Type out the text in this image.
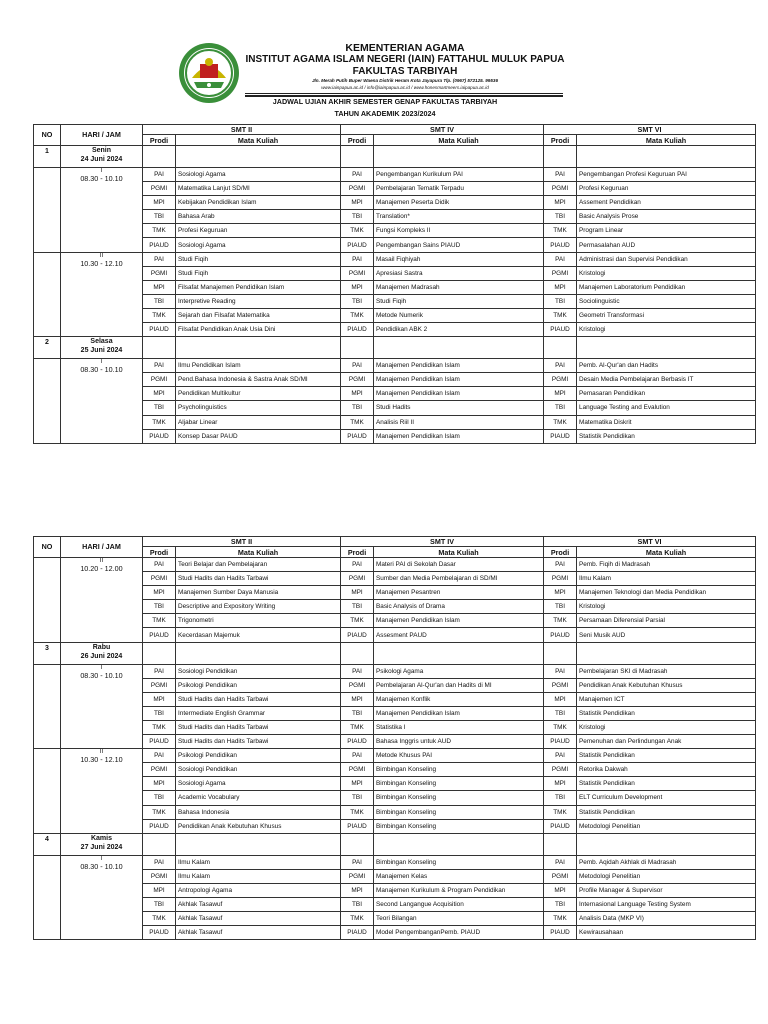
KEMENTERIAN AGAMA
INSTITUT AGAMA ISLAM NEGERI (IAIN) FATTAHUL MULUK PAPUA
FAKULTAS TARBIYAH
Jln. Merah Putih Buper Waena Distrik Heram Kota Jayapura Tlp. (0967) 572125. 99536
www.iainpapua.ac.id / info@iainpapua.ac.id / www.honesmartmeers.iaipapua.ac.id
JADWAL UJIAN AKHIR SEMESTER GENAP FAKULTAS TARBIYAH
TAHUN AKADEMIK 2023/2024
NO	HARI / JAM	SMT II		SMT IV		SMT VI	
		Prodi	Mata Kuliah	Prodi	Mata Kuliah	Prodi	Mata Kuliah
1	Senin
24 Juni 2024						

	I
08.30 - 10.10	PAI	Sosiologi Agama	PAI	Pengembangan Kurikulum PAI	PAI	Pengembangan Profesi Keguruan PAI
		PGMI	Matematika Lanjut SD/MI	PGMI	Pembelajaran Tematik Terpadu	PGMI	Profesi Keguruan
		MPI	Kebijakan Pendidikan Islam	MPI	Manajemen Peserta Didik	MPI	Assement Pendidikan
		TBI	Bahasa Arab	TBI	Translation*	TBI	Basic Analysis Prose
		TMK	Profesi Keguruan	TMK	Fungsi Kompleks II	TMK	Program Linear
		PIAUD	Sosiologi Agama	PIAUD	Pengembangan Sains PIAUD	PIAUD	Permasalahan AUD

	II
10.30 - 12.10	PAI	Studi Fiqih	PAI	Masail Fiqhiyah	PAI	Administrasi dan Supervisi Pendidikan
		PGMI	Studi Fiqih	PGMI	Apresiasi Sastra	PGMI	Kristologi
		MPI	Filsafat Manajemen Pendidikan Islam	MPI	Manajemen Madrasah	MPI	Manajemen Laboratorium Pendidikan
		TBI	Interpretive Reading	TBI	Studi Fiqih	TBI	Sociolinguistic
		TMK	Sejarah dan Filsafat Matematika	TMK	Metode Numerik	TMK	Geometri Transformasi
		PIAUD	Filsafat Pendidikan Anak Usia Dini	PIAUD	Pendidikan ABK 2	PIAUD	Kristologi
2	Selasa
25 Juni 2024						

	I
08.30 - 10.10	PAI	Ilmu Pendidikan Islam	PAI	Manajemen Pendidikan Islam	PAI	Pemb. Al-Qur'an dan Hadits
		PGMI	Pend.Bahasa Indonesia & Sastra Anak SD/MI	PGMI	Manajemen Pendidikan Islam	PGMI	Desain Media Pembelajaran Berbasis IT
		MPI	Pendidikan Multikultur	MPI	Manajemen Pendidikan Islam	MPI	Pemasaran Pendidikan
		TBI	Psycholinguistics	TBI	Studi Hadits	TBI	Language Testing and Evalution
		TMK	Aljabar Linear	TMK	Analisis Riil II	TMK	Matematika Diskrit
		PIAUD	Konsep Dasar PAUD	PIAUD	Manajemen Pendidikan Islam	PIAUD	Statistik Pendidikan
NO	HARI / JAM	SMT II		SMT IV		SMT VI	
		Prodi	Mata Kuliah	Prodi	Mata Kuliah	Prodi	Mata Kuliah

	II
10.20 - 12.00	PAI	Teori Belajar dan Pembelajaran	PAI	Materi PAI di Sekolah Dasar	PAI	Pemb. Fiqih di Madrasah
		PGMI	Studi Hadits dan Hadits Tarbawi	PGMI	Sumber dan Media Pembelajaran di SD/MI	PGMI	Ilmu Kalam
		MPI	Manajemen Sumber Daya Manusia	MPI	Manajemen Pesantren	MPI	Manajemen Teknologi dan Media Pendidikan
		TBI	Descriptive and Expository Writing	TBI	Basic Analysis of Drama	TBI	Kristologi
		TMK	Trigonometri	TMK	Manajemen Pendidikan Islam	TMK	Persamaan Diferensial Parsial
		PIAUD	Kecerdasan Majemuk	PIAUD	Assesment PAUD	PIAUD	Seni Musik AUD
3	Rabu
26 Juni 2024						

	I
08.30 - 10.10	PAI	Sosiologi Pendidikan	PAI	Psikologi Agama	PAI	Pembelajaran SKI di Madrasah
		PGMI	Psikologi Pendidikan	PGMI	Pembelajaran Al-Qur'an dan Hadits di MI	PGMI	Pendidikan Anak Kebutuhan Khusus
		MPI	Studi Hadits dan Hadits Tarbawi	MPI	Manajemen Konflik	MPI	Manajemen ICT
		TBI	Intermediate English Grammar	TBI	Manajemen Pendidikan Islam	TBI	Statistik Pendidikan
		TMK	Studi Hadits dan Hadits Tarbawi	TMK	Statistika I	TMK	Kristologi
		PIAUD	Studi Hadits dan Hadits Tarbawi	PIAUD	Bahasa Inggris untuk AUD	PIAUD	Pemenuhan dan Perlindungan Anak

	II
10.30 - 12.10	PAI	Psikologi Pendidikan	PAI	Metode Khusus PAI	PAI	Statistik Pendidikan
		PGMI	Sosiologi Pendidikan	PGMI	Bimbingan Konseling	PGMI	Retorika Dakwah
		MPI	Sosiologi Agama	MPI	Bimbingan Konseling	MPI	Statistik Pendidikan
		TBI	Academic Vocabulary	TBI	Bimbingan Konseling	TBI	ELT Curriculum Development
		TMK	Bahasa Indonesia	TMK	Bimbingan Konseling	TMK	Statistik Pendidikan
		PIAUD	Pendidikan Anak Kebutuhan Khusus	PIAUD	Bimbingan Konseling	PIAUD	Metodologi Penelitian
4	Kamis
27 Juni 2024						

	I
08.30 - 10.10	PAI	Ilmu Kalam	PAI	Bimbingan Konseling	PAI	Pemb. Aqidah Akhlak di Madrasah
		PGMI	Ilmu Kalam	PGMI	Manajemen Kelas	PGMI	Metodologi Penelitian
		MPI	Antropologi Agama	MPI	Manajemen Kurikulum & Program Pendidikan	MPI	Profile Manager & Supervisor
		TBI	Akhlak Tasawuf	TBI	Second Langangue Acquisition	TBI	Internasional Language Testing System
		TMK	Akhlak Tasawuf	TMK	Teori Bilangan	TMK	Analisis Data (MKP VI)
		PIAUD	Akhlak Tasawuf	PIAUD	Model PengembanganPemb. PIAUD	PIAUD	Kewirausahaan
